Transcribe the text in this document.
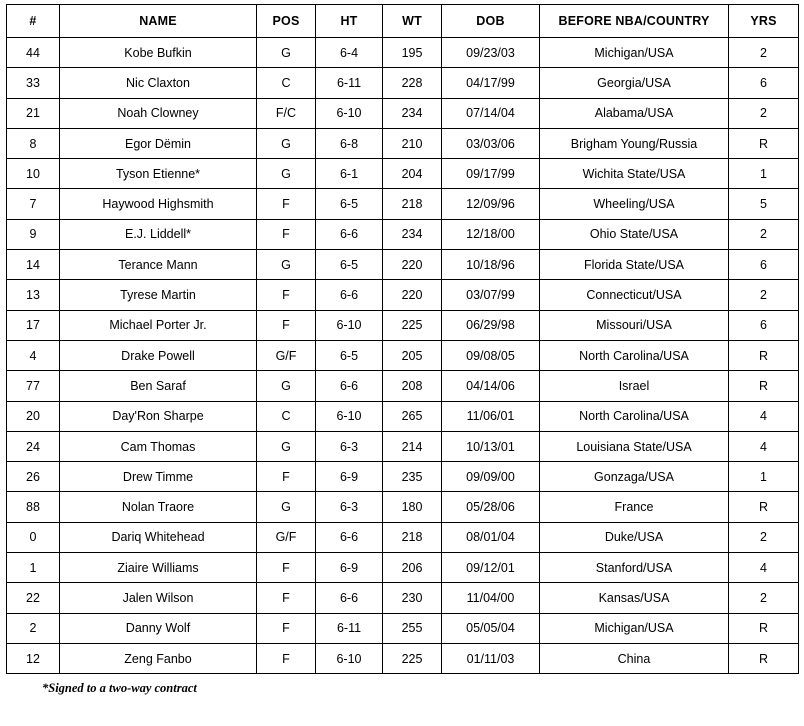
#	NAME	POS	HT	WT	DOB	BEFORE NBA/COUNTRY	YRS
44	Kobe Bufkin	G	6-4	195	09/23/03	Michigan/USA	2
33	Nic Claxton	C	6-11	228	04/17/99	Georgia/USA	6
21	Noah Clowney	F/C	6-10	234	07/14/04	Alabama/USA	2
8	Egor Dëmin	G	6-8	210	03/03/06	Brigham Young/Russia	R
10	Tyson Etienne*	G	6-1	204	09/17/99	Wichita State/USA	1
7	Haywood Highsmith	F	6-5	218	12/09/96	Wheeling/USA	5
9	E.J. Liddell*	F	6-6	234	12/18/00	Ohio State/USA	2
14	Terance Mann	G	6-5	220	10/18/96	Florida State/USA	6
13	Tyrese Martin	F	6-6	220	03/07/99	Connecticut/USA	2
17	Michael Porter Jr.	F	6-10	225	06/29/98	Missouri/USA	6
4	Drake Powell	G/F	6-5	205	09/08/05	North Carolina/USA	R
77	Ben Saraf	G	6-6	208	04/14/06	Israel	R
20	Day'Ron Sharpe	C	6-10	265	11/06/01	North Carolina/USA	4
24	Cam Thomas	G	6-3	214	10/13/01	Louisiana State/USA	4
26	Drew Timme	F	6-9	235	09/09/00	Gonzaga/USA	1
88	Nolan Traore	G	6-3	180	05/28/06	France	R
0	Dariq Whitehead	G/F	6-6	218	08/01/04	Duke/USA	2
1	Ziaire Williams	F	6-9	206	09/12/01	Stanford/USA	4
22	Jalen Wilson	F	6-6	230	11/04/00	Kansas/USA	2
2	Danny Wolf	F	6-11	255	05/05/04	Michigan/USA	R
12	Zeng Fanbo	F	6-10	225	01/11/03	China	R
*Signed to a two-way contract
